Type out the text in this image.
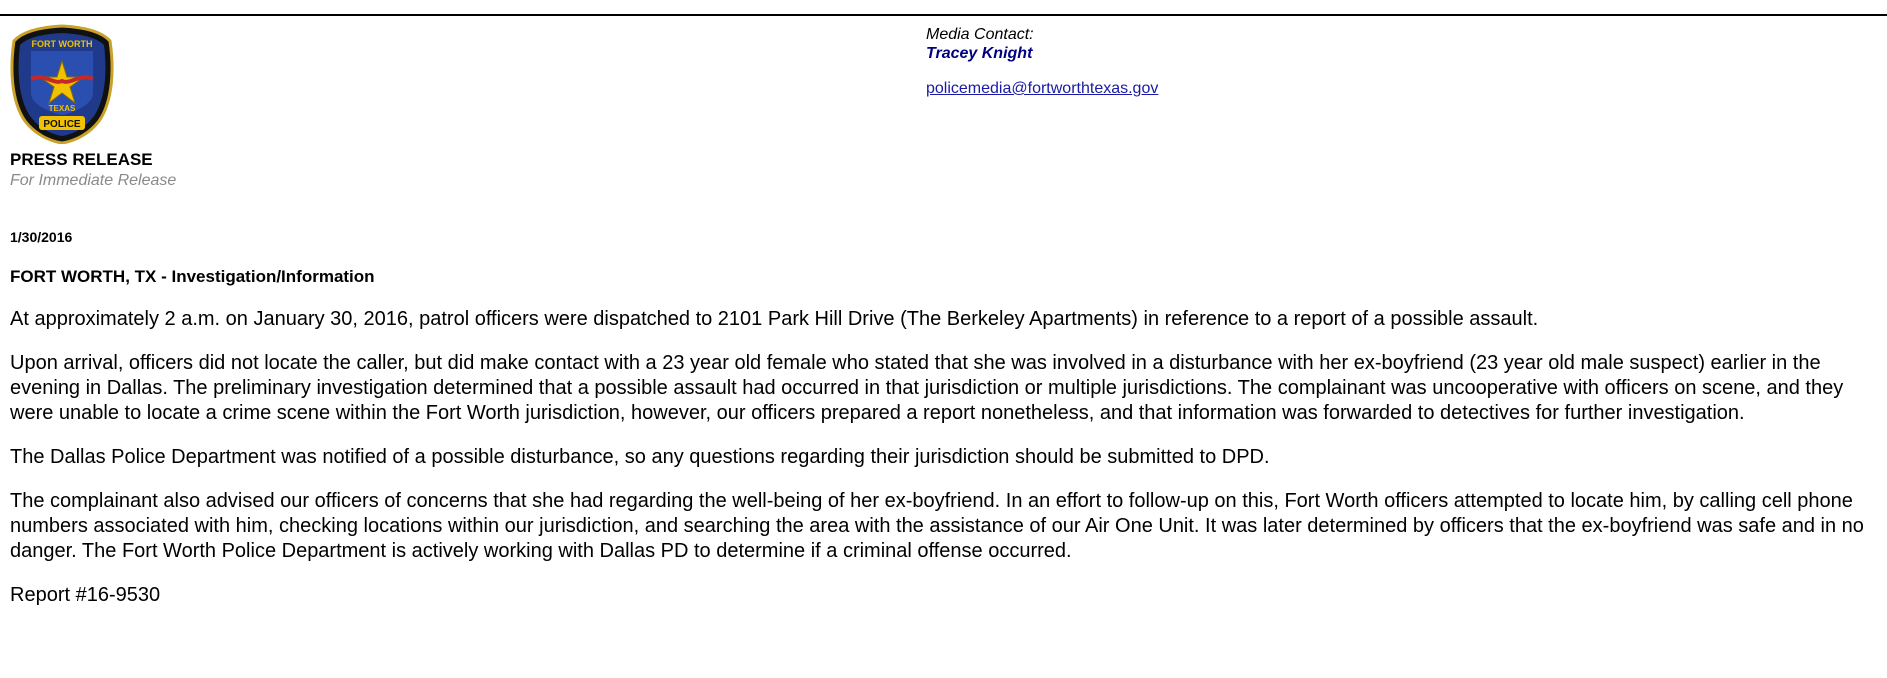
FORT WORTH
TEXAS
POLICE
Media Contact:
Tracey Knight
policemedia@fortworthtexas.gov
PRESS RELEASE
For Immediate Release
1/30/2016
FORT WORTH, TX - Investigation/Information

At approximately 2 a.m. on January 30, 2016, patrol officers were dispatched to 2101 Park Hill Drive (The Berkeley Apartments) in reference to a report of a possible assault.

Upon arrival, officers did not locate the caller, but did make contact with a 23 year old female who stated that she was involved in a disturbance with her ex-boyfriend (23 year old male suspect) earlier in the evening in Dallas. The preliminary investigation determined that a possible assault had occurred in that jurisdiction or multiple jurisdictions. The complainant was uncooperative with officers on scene, and they were unable to locate a crime scene within the Fort Worth jurisdiction, however, our officers prepared a report nonetheless, and that information was forwarded to detectives for further investigation.

The Dallas Police Department was notified of a possible disturbance, so any questions regarding their jurisdiction should be submitted to DPD.

The complainant also advised our officers of concerns that she had regarding the well-being of her ex-boyfriend. In an effort to follow-up on this, Fort Worth officers attempted to locate him, by calling cell phone numbers associated with him, checking locations within our jurisdiction, and searching the area with the assistance of our Air One Unit. It was later determined by officers that the ex-boyfriend was safe and in no danger. The Fort Worth Police Department is actively working with Dallas PD to determine if a criminal offense occurred.

Report #16-9530
